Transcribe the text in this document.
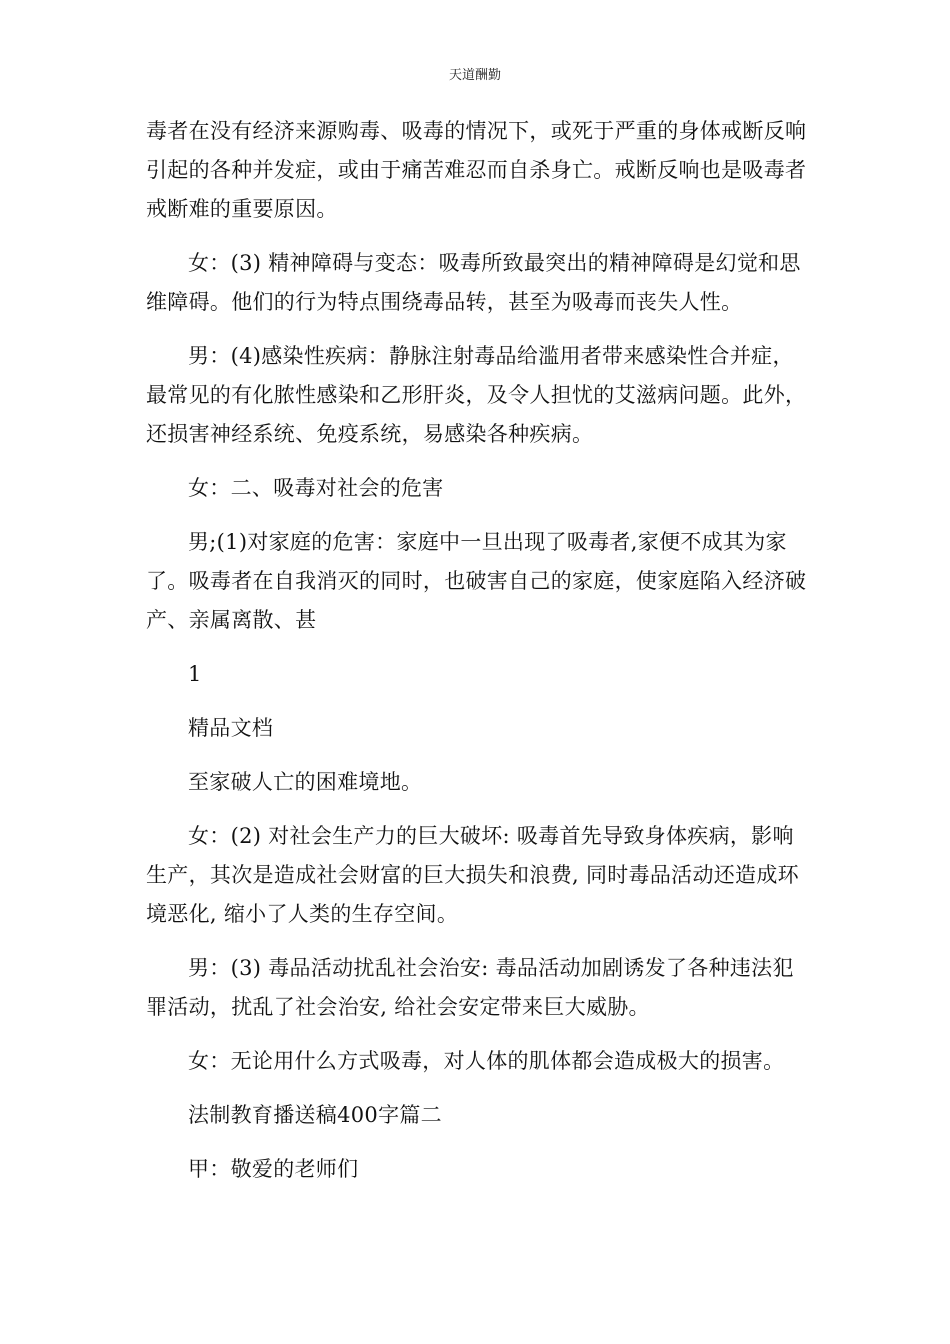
天道酬勤

毒者在没有经济来源购毒、吸毒的情况下，或死于严重的身体戒断反响引起的各种并发症，或由于痛苦难忍而自杀身亡。戒断反响也是吸毒者戒断难的重要原因。

女：(3) 精神障碍与变态：吸毒所致最突出的精神障碍是幻觉和思维障碍。他们的行为特点围绕毒品转，甚至为吸毒而丧失人性。

男：(4)感染性疾病：静脉注射毒品给滥用者带来感染性合并症，最常见的有化脓性感染和乙形肝炎，及令人担忧的艾滋病问题。此外，还损害神经系统、免疫系统，易感染各种疾病。

女：二、吸毒对社会的危害

男;(1)对家庭的危害：家庭中一旦出现了吸毒者,家便不成其为家了。吸毒者在自我消灭的同时，也破害自己的家庭，使家庭陷入经济破产、亲属离散、甚

1

精品文档

至家破人亡的困难境地。

女：(2) 对社会生产力的巨大破坏: 吸毒首先导致身体疾病，影响生产，其次是造成社会财富的巨大损失和浪费, 同时毒品活动还造成环境恶化, 缩小了人类的生存空间。

男：(3) 毒品活动扰乱社会治安: 毒品活动加剧诱发了各种违法犯罪活动，扰乱了社会治安, 给社会安定带来巨大威胁。

女：无论用什么方式吸毒，对人体的肌体都会造成极大的损害。

法制教育播送稿400字篇二

甲：敬爱的老师们
